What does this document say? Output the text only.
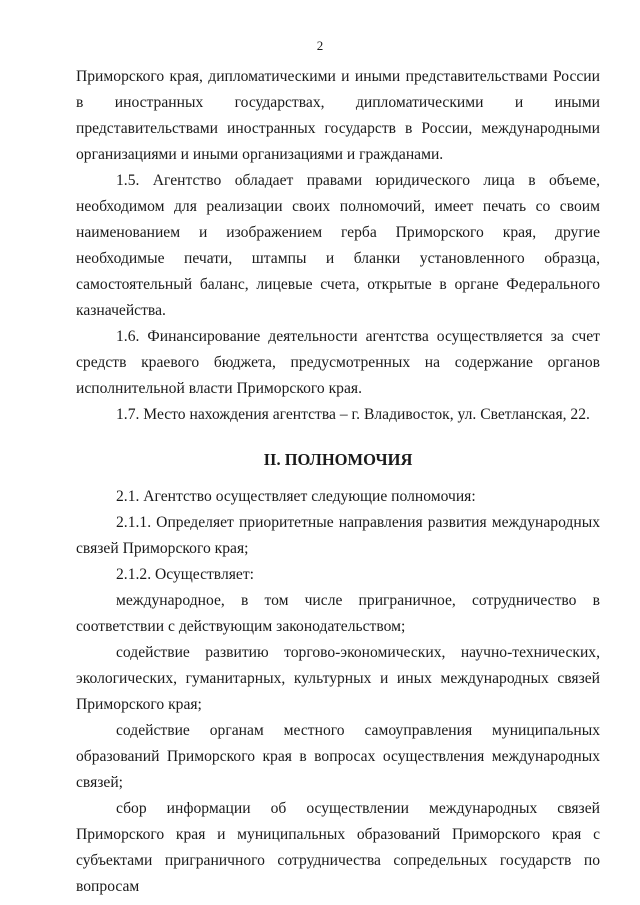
2

Приморского края, дипломатическими и иными представительствами России в иностранных государствах, дипломатическими и иными представительствами иностранных государств в России, международными организациями и иными организациями и гражданами.

1.5. Агентство обладает правами юридического лица в объеме, необходимом для реализации своих полномочий, имеет печать со своим наименованием и изображением герба Приморского края, другие необходимые печати, штампы и бланки установленного образца, самостоятельный баланс, лицевые счета, открытые в органе Федерального казначейства.

1.6. Финансирование деятельности агентства осуществляется за счет средств краевого бюджета, предусмотренных на содержание органов исполнительной власти Приморского края.

1.7. Место нахождения агентства – г. Владивосток, ул. Светланская, 22.

II. ПОЛНОМОЧИЯ

2.1. Агентство осуществляет следующие полномочия:

2.1.1. Определяет приоритетные направления развития международных связей Приморского края;

2.1.2. Осуществляет:

международное, в том числе приграничное, сотрудничество в соответствии с действующим законодательством;

содействие развитию торгово-экономических, научно-технических, экологических, гуманитарных, культурных и иных международных связей Приморского края;

содействие органам местного самоуправления муниципальных образований Приморского края в вопросах осуществления международных связей;

сбор информации об осуществлении международных связей Приморского края и муниципальных образований Приморского края с субъектами приграничного сотрудничества сопредельных государств по вопросам
